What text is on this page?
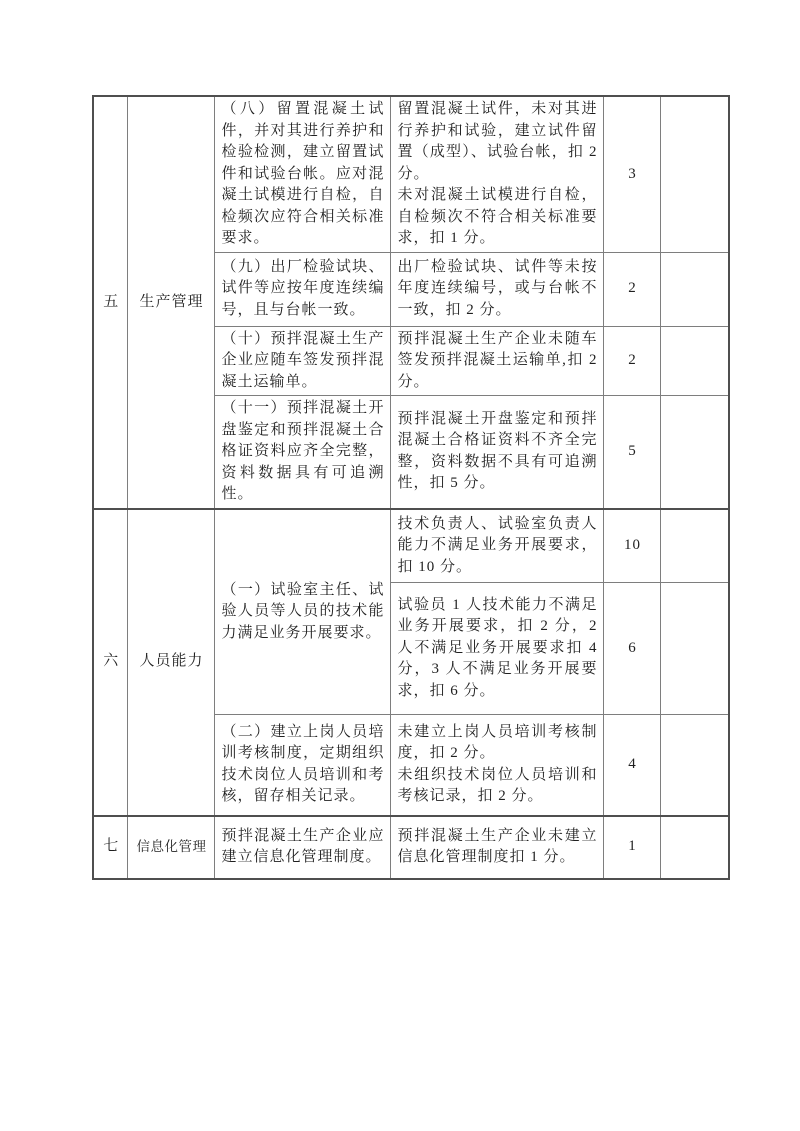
五	生产管理	（八）留置混凝土试件，并对其进行养护和检验检测，建立留置试件和试验台帐。应对混凝土试模进行自检，自检频次应符合相关标准要求。	留置混凝土试件，未对其进行养护和试验，建立试件留置（成型）、试验台帐，扣 2 分。
未对混凝土试模进行自检，自检频次不符合相关标准要求，扣 1 分。	3	
		（九）出厂检验试块、试件等应按年度连续编号，且与台帐一致。	出厂检验试块、试件等未按年度连续编号，或与台帐不一致，扣 2 分。	2	
		（十）预拌混凝土生产企业应随车签发预拌混凝土运输单。	预拌混凝土生产企业未随车签发预拌混凝土运输单,扣 2 分。	2	
		（十一）预拌混凝土开盘鉴定和预拌混凝土合格证资料应齐全完整，资料数据具有可追溯性。	预拌混凝土开盘鉴定和预拌混凝土合格证资料不齐全完整，资料数据不具有可追溯性，扣 5 分。	5	
六	人员能力	（一）试验室主任、试验人员等人员的技术能力满足业务开展要求。	技术负责人、试验室负责人能力不满足业务开展要求，扣 10 分。	10	
			试验员 1 人技术能力不满足业务开展要求，扣 2 分，2 人不满足业务开展要求扣 4 分，3 人不满足业务开展要求，扣 6 分。	6	
		（二）建立上岗人员培训考核制度，定期组织技术岗位人员培训和考核，留存相关记录。	未建立上岗人员培训考核制度，扣 2 分。
未组织技术岗位人员培训和考核记录，扣 2 分。	4	
七	信息化管理	预拌混凝土生产企业应建立信息化管理制度。	预拌混凝土生产企业未建立信息化管理制度扣 1 分。	1	
